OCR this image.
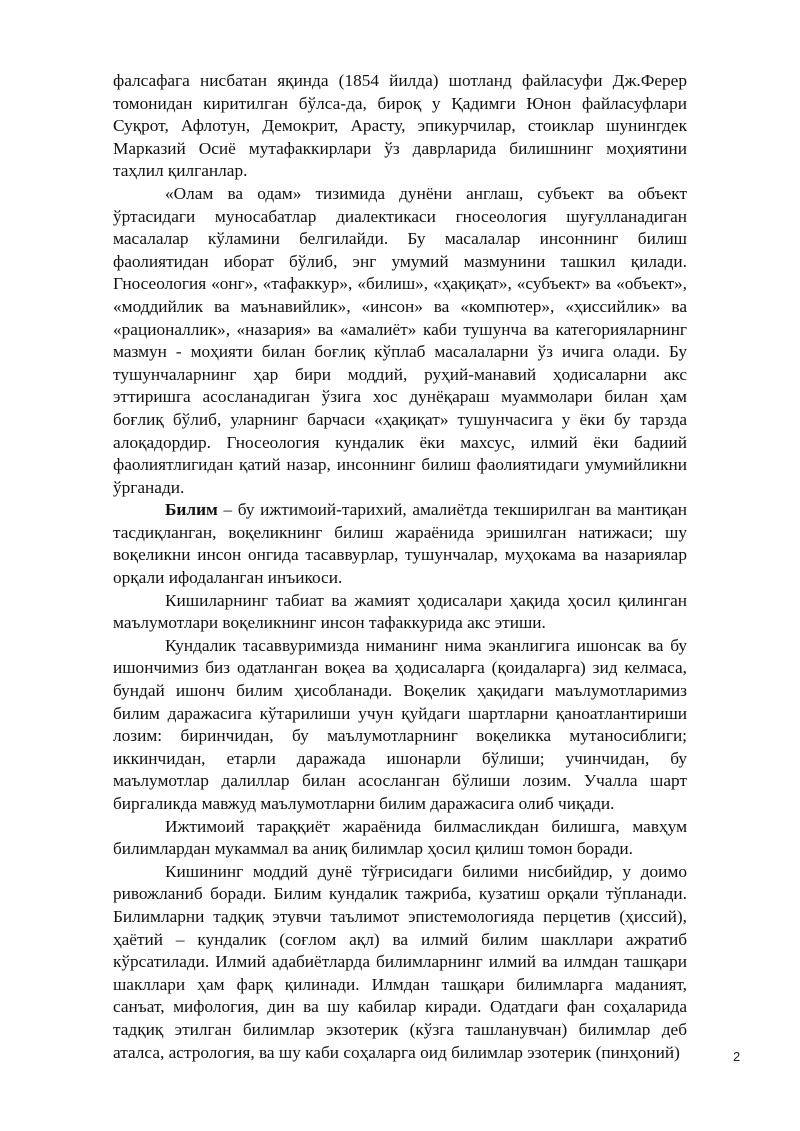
фалсафага нисбатан яқинда (1854 йилда) шотланд файласуфи Дж.Ферер томонидан киритилган бўлса-да, бироқ у Қадимги Юнон файласуфлари Суқрот, Афлотун, Демокрит, Арасту, эпикурчилар, стоиклар шунингдек Марказий Осиё мутафаккирлари ўз даврларида билишнинг моҳиятини таҳлил қилганлар.

«Олам ва одам» тизимида дунёни англаш, субъект ва объект ўртасидаги муносабатлар диалектикаси гносеология шуғулланадиган масалалар кўламини белгилайди. Бу масалалар инсоннинг билиш фаолиятидан иборат бўлиб, энг умумий мазмунини ташкил қилади. Гносеология «онг», «тафаккур», «билиш», «ҳақиқат», «субъект» ва «объект», «моддийлик ва маънавийлик», «инсон» ва «компютер», «ҳиссийлик» ва «рационаллик», «назария» ва «амалиёт» каби тушунча ва категорияларнинг мазмун - моҳияти билан боғлиқ кўплаб масалаларни ўз ичига олади. Бу тушунчаларнинг ҳар бири моддий, руҳий-манавий ҳодисаларни акс эттиришга асосланадиган ўзига хос дунёқараш муаммолари билан ҳам боғлиқ бўлиб, уларнинг барчаси «ҳақиқат» тушунчасига у ёки бу тарзда алоқадордир. Гносеология кундалик ёки махсус, илмий ёки бадиий фаолиятлигидан қатий назар, инсоннинг билиш фаолиятидаги умумийликни ўрганади.

Билим – бу ижтимоий-тарихий, амалиётда текширилган ва мантиқан тасдиқланган, воқеликнинг билиш жараёнида эришилган натижаси; шу воқеликни инсон онгида тасаввурлар, тушунчалар, муҳокама ва назариялар орқали ифодаланган инъикоси.

Кишиларнинг табиат ва жамият ҳодисалари ҳақида ҳосил қилинган маълумотлари воқеликнинг инсон тафаккурида акс этиши.

Кундалик тасаввуримизда ниманинг нима эканлигига ишонсак ва бу ишончимиз биз одатланган воқеа ва ҳодисаларга (қоидаларга) зид келмаса, бундай ишонч билим ҳисобланади. Воқелик ҳақидаги маълумотларимиз билим даражасига кўтарилиши учун қуйдаги шартларни қаноатлантириши лозим: биринчидан, бу маълумотларнинг воқеликка мутаносиблиги; иккинчидан, етарли даражада ишонарли бўлиши; учинчидан, бу маълумотлар далиллар билан асосланган бўлиши лозим. Учалла шарт биргаликда мавжуд маълумотларни билим даражасига олиб чиқади.

Ижтимоий тараққиёт жараёнида билмасликдан билишга, мавҳум билимлардан мукаммал ва аниқ билимлар ҳосил қилиш томон боради.

Кишининг моддий дунё тўғрисидаги билими нисбийдир, у доимо ривожланиб боради. Билим кундалик тажриба, кузатиш орқали тўпланади. Билимларни тадқиқ этувчи таълимот эпистемологияда перцетив (ҳиссий), ҳаётий – кундалик (соғлом ақл) ва илмий билим шакллари ажратиб кўрсатилади. Илмий адабиётларда билимларнинг илмий ва илмдан ташқари шакллари ҳам фарқ қилинади. Илмдан ташқари билимларга маданият, санъат, мифология, дин ва шу кабилар киради. Одатдаги фан соҳаларида тадқиқ этилган билимлар экзотерик (кўзга ташланувчан) билимлар деб аталса, астрология, ва шу каби соҳаларга оид билимлар эзотерик (пинҳоний)	2
